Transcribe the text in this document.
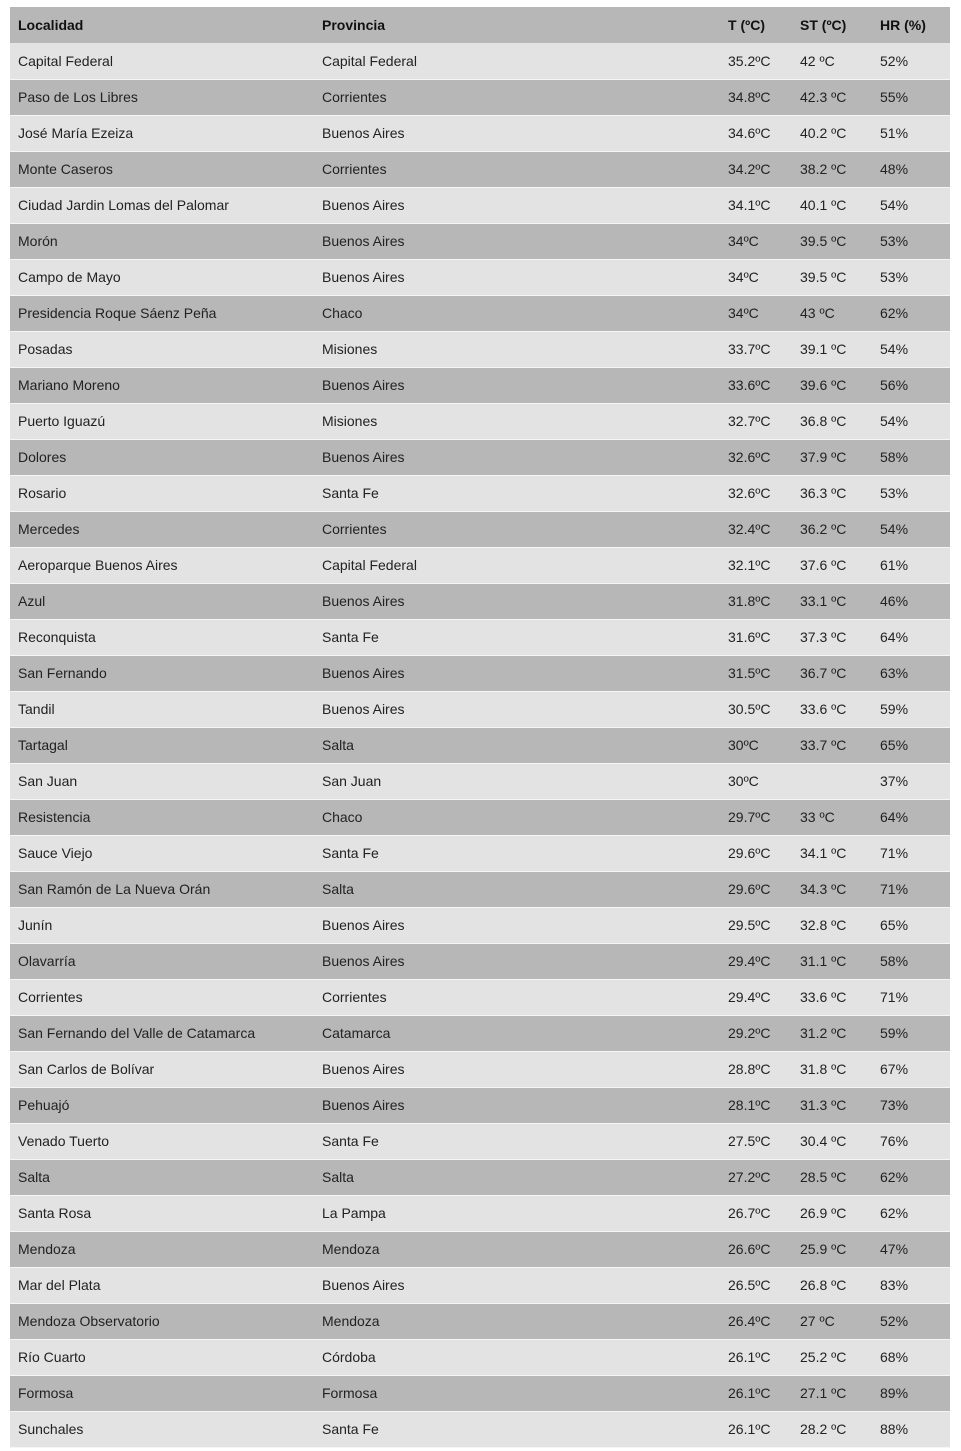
Localidad	Provincia	T (ºC)	ST (ºC)	HR (%)
Capital Federal	Capital Federal	35.2ºC	42 ºC	52%
Paso de Los Libres	Corrientes	34.8ºC	42.3 ºC	55%
José María Ezeiza	Buenos Aires	34.6ºC	40.2 ºC	51%
Monte Caseros	Corrientes	34.2ºC	38.2 ºC	48%
Ciudad Jardin Lomas del Palomar	Buenos Aires	34.1ºC	40.1 ºC	54%
Morón	Buenos Aires	34ºC	39.5 ºC	53%
Campo de Mayo	Buenos Aires	34ºC	39.5 ºC	53%
Presidencia Roque Sáenz Peña	Chaco	34ºC	43 ºC	62%
Posadas	Misiones	33.7ºC	39.1 ºC	54%
Mariano Moreno	Buenos Aires	33.6ºC	39.6 ºC	56%
Puerto Iguazú	Misiones	32.7ºC	36.8 ºC	54%
Dolores	Buenos Aires	32.6ºC	37.9 ºC	58%
Rosario	Santa Fe	32.6ºC	36.3 ºC	53%
Mercedes	Corrientes	32.4ºC	36.2 ºC	54%
Aeroparque Buenos Aires	Capital Federal	32.1ºC	37.6 ºC	61%
Azul	Buenos Aires	31.8ºC	33.1 ºC	46%
Reconquista	Santa Fe	31.6ºC	37.3 ºC	64%
San Fernando	Buenos Aires	31.5ºC	36.7 ºC	63%
Tandil	Buenos Aires	30.5ºC	33.6 ºC	59%
Tartagal	Salta	30ºC	33.7 ºC	65%
San Juan	San Juan	30ºC		37%
Resistencia	Chaco	29.7ºC	33 ºC	64%
Sauce Viejo	Santa Fe	29.6ºC	34.1 ºC	71%
San Ramón de La Nueva Orán	Salta	29.6ºC	34.3 ºC	71%
Junín	Buenos Aires	29.5ºC	32.8 ºC	65%
Olavarría	Buenos Aires	29.4ºC	31.1 ºC	58%
Corrientes	Corrientes	29.4ºC	33.6 ºC	71%
San Fernando del Valle de Catamarca	Catamarca	29.2ºC	31.2 ºC	59%
San Carlos de Bolívar	Buenos Aires	28.8ºC	31.8 ºC	67%
Pehuajó	Buenos Aires	28.1ºC	31.3 ºC	73%
Venado Tuerto	Santa Fe	27.5ºC	30.4 ºC	76%
Salta	Salta	27.2ºC	28.5 ºC	62%
Santa Rosa	La Pampa	26.7ºC	26.9 ºC	62%
Mendoza	Mendoza	26.6ºC	25.9 ºC	47%
Mar del Plata	Buenos Aires	26.5ºC	26.8 ºC	83%
Mendoza Observatorio	Mendoza	26.4ºC	27 ºC	52%
Río Cuarto	Córdoba	26.1ºC	25.2 ºC	68%
Formosa	Formosa	26.1ºC	27.1 ºC	89%
Sunchales	Santa Fe	26.1ºC	28.2 ºC	88%
